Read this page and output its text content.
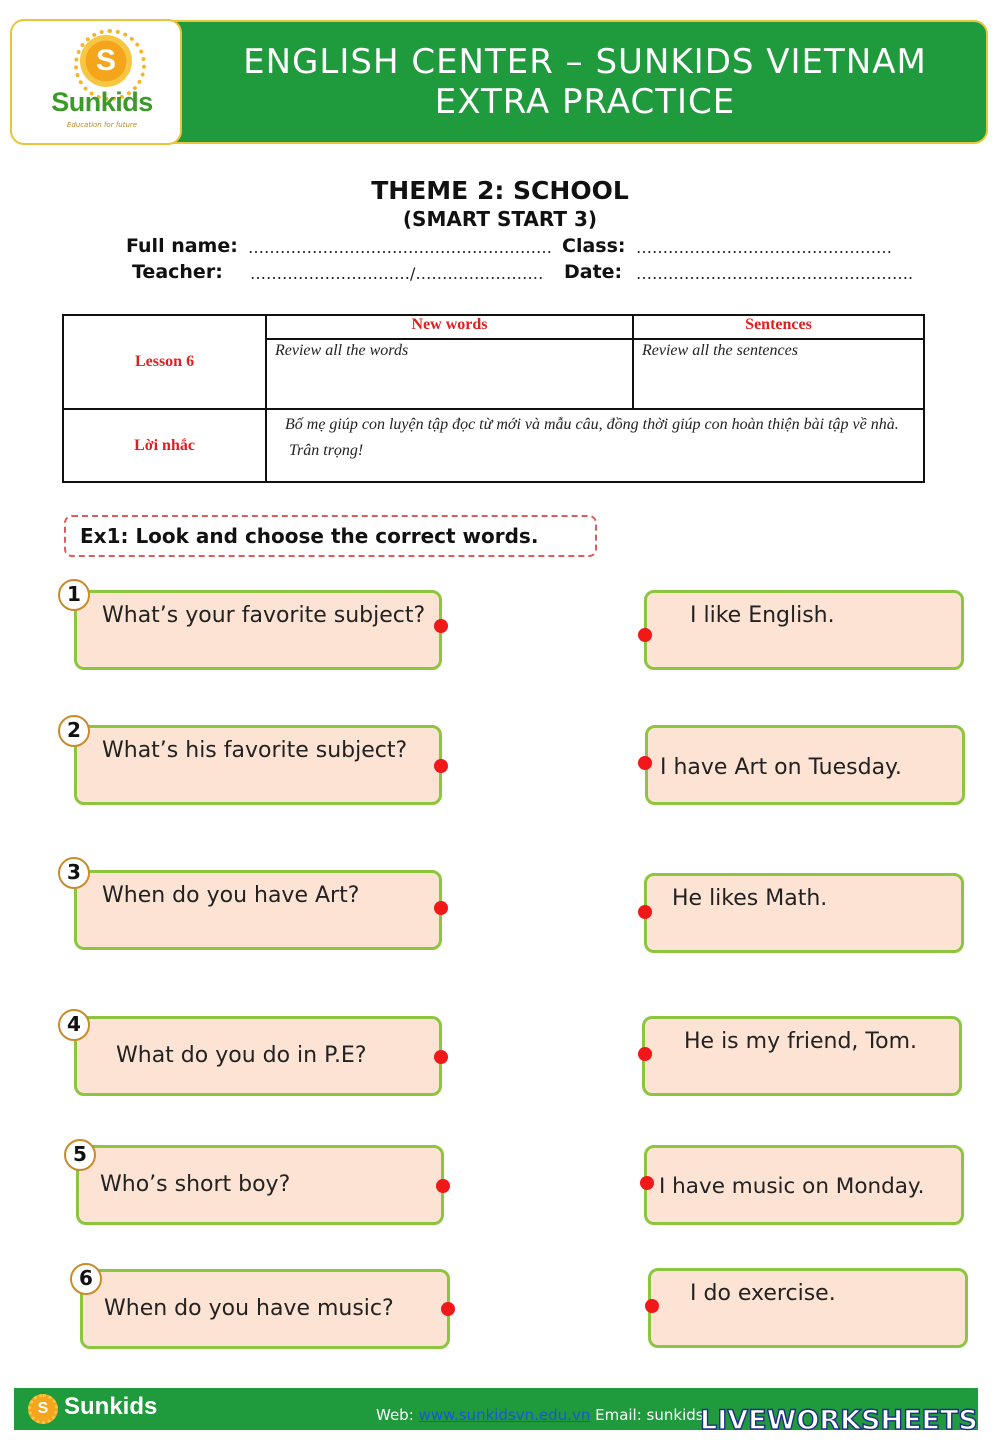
S
Sunkids
Education for future
ENGLISH CENTER – SUNKIDS VIETNAM
EXTRA PRACTICE
THEME 2: SCHOOL
(SMART START 3)
Full name: ………………………………………………… Class: …………………………………………
Teacher: …………………………/…………………… Date: …………………………………………….
Lesson 6	New words	Sentences
	Review all the words	Review all the sentences
Lời nhắc	Bố mẹ giúp con luyện tập đọc từ mới và mẫu câu, đồng thời giúp con hoàn thiện bài tập về nhà.
Trân trọng!	
Ex1: Look and choose the correct words.
What’s your favorite subject?
1
What’s his favorite subject?
2
When do you have Art?
3
What do you do in P.E?
4
Who’s short boy?
5
When do you have music?
6
I like English.
I have Art on Tuesday.
He likes Math.
He is my friend, Tom.
I have music on Monday.
I do exercise.
S Sunkids	Web: www.sunkidsvn.edu.vn Email: sunkids
LIVEWORKSHEETS
